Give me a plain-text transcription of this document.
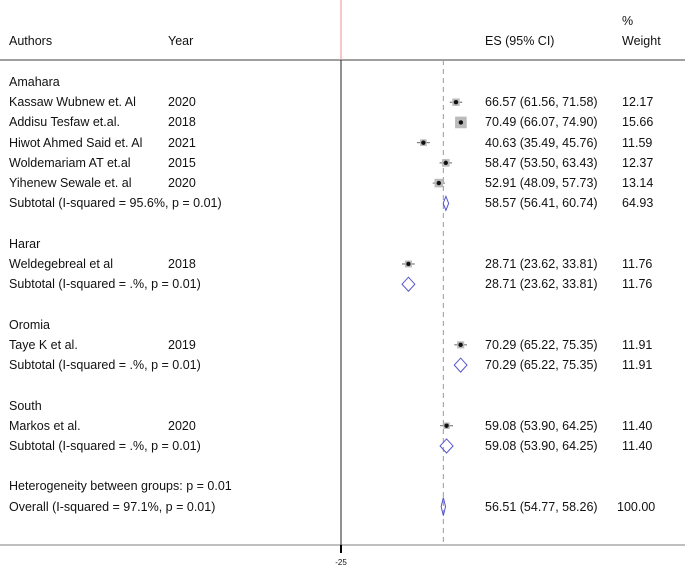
Authors	Year	ES (95% CI)
%
Weight
Amahara
Kassaw Wubnew et. Al	2020	66.57 (61.56, 71.58) 12.17
Addisu Tesfaw et.al.	2018	70.49 (66.07, 74.90) 15.66
Hiwot Ahmed Said et. Al 2021	40.63 (35.49, 45.76) 11.59
Woldemariam AT et.al	2015	58.47 (53.50, 63.43) 12.37
Yihenew Sewale et. al	2020	52.91 (48.09, 57.73) 13.14
Subtotal (I-squared = 95.6%, p = 0.01)	58.57 (56.41, 60.74) 64.93
Harar
Weldegebreal et al	2018	28.71 (23.62, 33.81) 11.76
Subtotal (I-squared = .%, p = 0.01)	28.71 (23.62, 33.81) 11.76
Oromia
Taye K et al.	2019	70.29 (65.22, 75.35) 11.91
Subtotal (I-squared = .%, p = 0.01)	70.29 (65.22, 75.35) 11.91
South
Markos et al.	2020	59.08 (53.90, 64.25) 11.40
Subtotal (I-squared = .%, p = 0.01)	59.08 (53.90, 64.25) 11.40
Heterogeneity between groups: p = 0.01
Overall (I-squared = 97.1%, p = 0.01)	56.51 (54.77, 58.26) 100.00
-25
